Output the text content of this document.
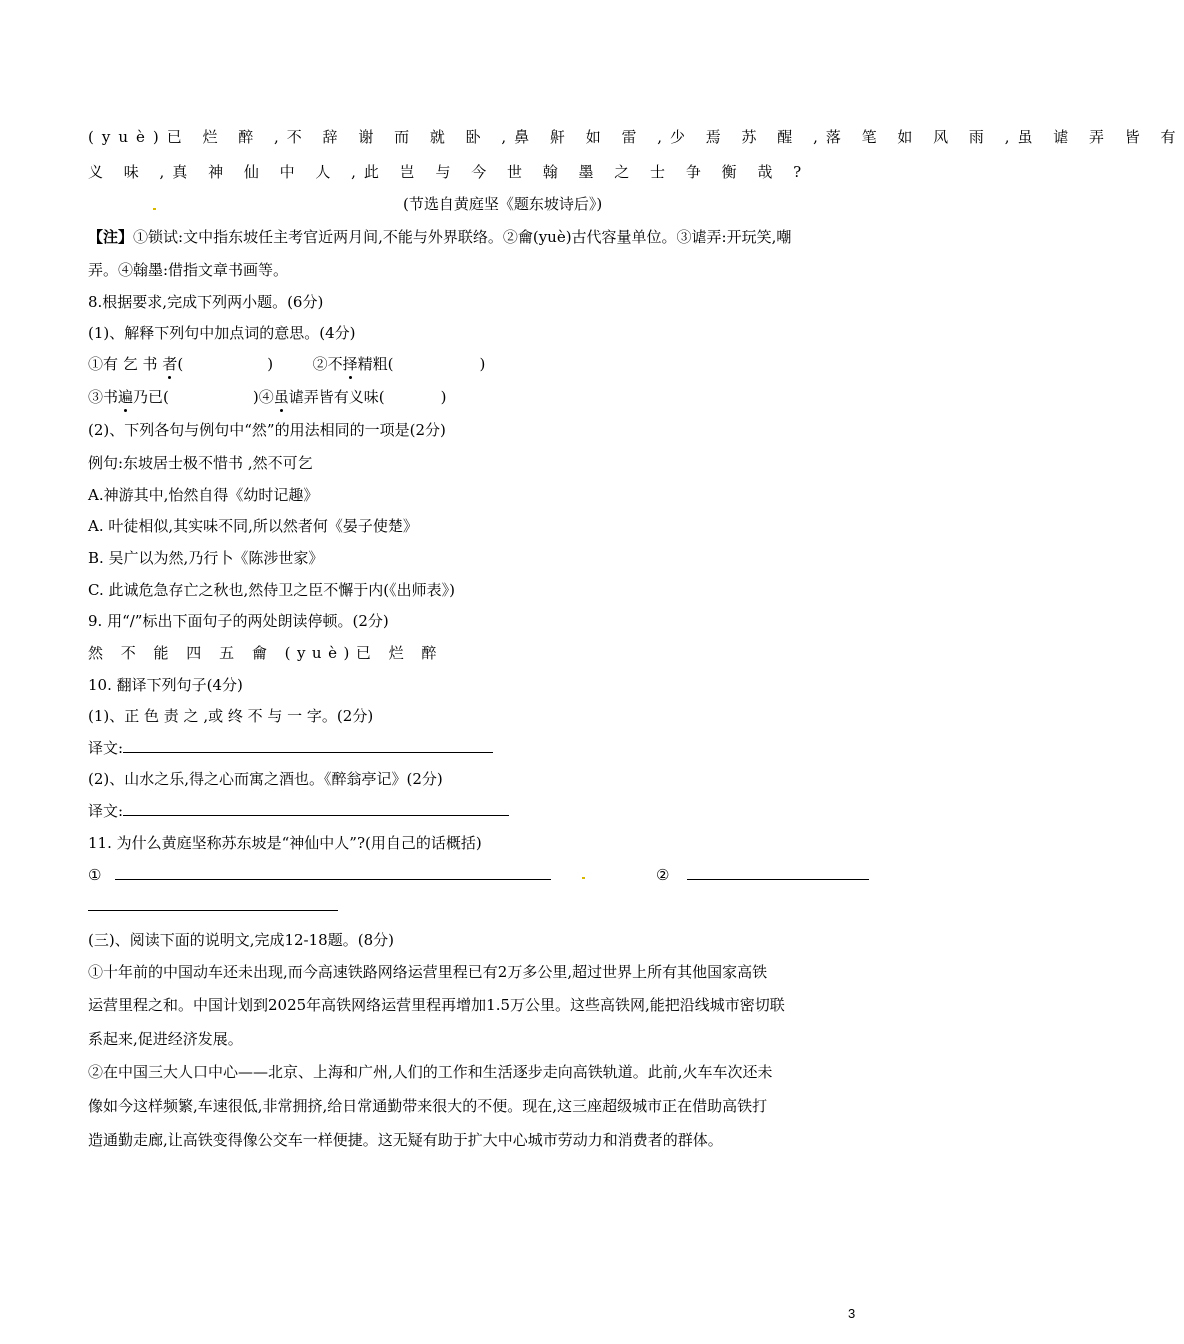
(yuè)已 烂 醉 ,不 辞 谢 而 就 卧 ,鼻 鼾 如 雷 ,少 焉 苏 醒 ,落 笔 如 风 雨 ,虽 谑 弄 皆 有
义 味 ,真 神 仙 中 人 ,此 岂 与 今 世 翰 墨 之 士 争 衡 哉 ?
(节选自黄庭坚《题东坡诗后》)
【注】①锁试:文中指东坡任主考官近两月间,不能与外界联络。②龠(yuè)古代容量单位。③谑弄:开玩笑,嘲
弄。④翰墨:借指文章书画等。
8.根据要求,完成下列两小题。(6分)
(1)、解释下列句中加点词的意思。(4分)
①有 乞 书 者(	)	②不择精粗(	)
③书遍乃已(	)④虽谑弄皆有义味(	)
(2)、下列各句与例句中“然”的用法相同的一项是(2分)
例句:东坡居士极不惜书 ,然不可乞
A.神游其中,怡然自得《幼时记趣》
A. 叶徒相似,其实味不同,所以然者何《晏子使楚》
B. 吴广以为然,乃行卜《陈涉世家》
C. 此诚危急存亡之秋也,然侍卫之臣不懈于内(《出师表》)
9. 用“/”标出下面句子的两处朗读停顿。(2分)
然 不 能 四 五 龠 (yuè)已 烂 醉
10. 翻译下列句子(4分)
(1)、正 色 责 之 ,或 终 不 与 一 字。(2分)
译文:
(2)、山水之乐,得之心而寓之酒也。《醉翁亭记》(2分)
译文:
11. 为什么黄庭坚称苏东坡是“神仙中人”?(用自己的话概括)
①	②
(三)、阅读下面的说明文,完成12-18题。(8分)
①十年前的中国动车还未出现,而今高速铁路网络运营里程已有2万多公里,超过世界上所有其他国家高铁
运营里程之和。中国计划到2025年高铁网络运营里程再增加1.5万公里。这些高铁网,能把沿线城市密切联
系起来,促进经济发展。
②在中国三大人口中心——北京、上海和广州,人们的工作和生活逐步走向高铁轨道。此前,火车车次还未
像如今这样频繁,车速很低,非常拥挤,给日常通勤带来很大的不便。现在,这三座超级城市正在借助高铁打
造通勤走廊,让高铁变得像公交车一样便捷。这无疑有助于扩大中心城市劳动力和消费者的群体。
3
